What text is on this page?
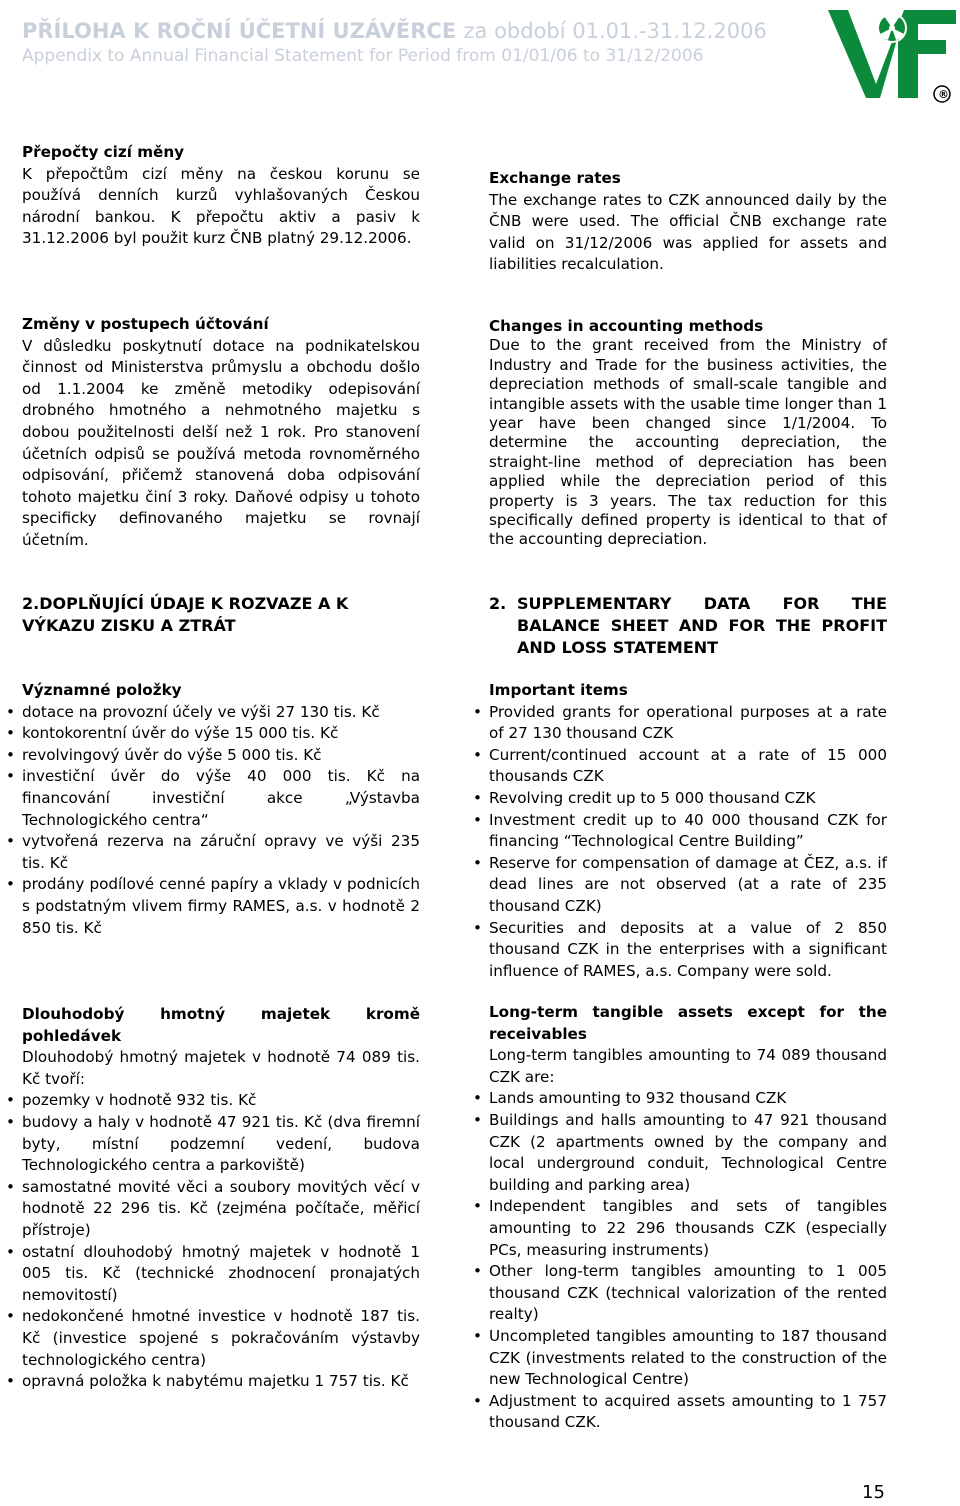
PŘÍLOHA K ROČNÍ ÚČETNÍ UZÁVĚRCE za období 01.01.-31.12.2006
Appendix to Annual Financial Statement for Period from 01/01/06 to 31/12/2006
®
Přepočty cizí měny

K přepočtům cizí měny na českou korunu se používá denních kurzů vyhlašovaných Českou národní bankou. K přepočtu aktiv a pasiv k 31.12.2006 byl použit kurz ČNB platný 29.12.2006.

Exchange rates

The exchange rates to CZK announced daily by the ČNB were used. The official ČNB exchange rate valid on 31/12/2006 was applied for assets and liabilities recalculation.

Změny v postupech účtování

V důsledku poskytnutí dotace na podnikatelskou činnost od Ministerstva průmyslu a obchodu došlo od 1.1.2004 ke změně metodiky odepisování drobného hmotného a nehmotného majetku s dobou použitelnosti delší než 1 rok. Pro stanovení účetních odpisů se používá metoda rovnoměrného odpisování, přičemž stanovená doba odpisování tohoto majetku činí 3 roky. Daňové odpisy u tohoto specificky definovaného majetku se rovnají účetním.

Changes in accounting methods

Due to the grant received from the Ministry of Industry and Trade for the business activities, the depreciation methods of small-scale tangible and intangible assets with the usable time longer than 1 year have been changed since 1/1/2004. To determine the accounting depreciation, the straight-line method of depreciation has been applied while the depreciation period of this property is 3 years. The tax reduction for this specifically defined property is identical to that of the accounting depreciation.

2.DOPLŇUJÍCÍ ÚDAJE K ROZVAZE A K VÝKAZU ZISKU A ZTRÁT
2. SUPPLEMENTARY DATA FOR THE BALANCE SHEET AND FOR THE PROFIT AND LOSS STATEMENT
Významné položky
• dotace na provozní účely ve výši 27 130 tis. Kč
• kontokorentní úvěr do výše 15 000 tis. Kč
• revolvingový úvěr do výše 5 000 tis. Kč
• investiční úvěr do výše 40 000 tis. Kč na financování investiční akce „Výstavba Technologického centra“
• vytvořená rezerva na záruční opravy ve výši 235 tis. Kč
• prodány podílové cenné papíry a vklady v podnicích s podstatným vlivem firmy RAMES, a.s. v hodnotě 2 850 tis. Kč
Important items
• Provided grants for operational purposes at a rate of 27 130 thousand CZK
• Current/continued account at a rate of 15 000 thousands CZK
• Revolving credit up to 5 000 thousand CZK
• Investment credit up to 40 000 thousand CZK for financing “Technological Centre Building”
• Reserve for compensation of damage at ČEZ, a.s. if dead lines are not observed (at a rate of 235 thousand CZK)
• Securities and deposits at a value of 2 850 thousand CZK in the enterprises with a significant influence of RAMES, a.s. Company were sold.
Dlouhodobý hmotný majetek kromě pohledávek

Dlouhodobý hmotný majetek v hodnotě 74 089 tis. Kč tvoří:

• pozemky v hodnotě 932 tis. Kč
• budovy a haly v hodnotě 47 921 tis. Kč (dva firemní byty, místní podzemní vedení, budova Technologického centra a parkoviště)
• samostatné movité věci a soubory movitých věcí v hodnotě 22 296 tis. Kč (zejména počítače, měřicí přístroje)
• ostatní dlouhodobý hmotný majetek v hodnotě 1 005 tis. Kč (technické zhodnocení pronajatých nemovitostí)
• nedokončené hmotné investice v hodnotě 187 tis. Kč (investice spojené s pokračováním výstavby technologického centra)
• opravná položka k nabytému majetku 1 757 tis. Kč
Long-term tangible assets except for the receivables

Long-term tangibles amounting to 74 089 thousand CZK are:

• Lands amounting to 932 thousand CZK
• Buildings and halls amounting to 47 921 thousand CZK (2 apartments owned by the company and local underground conduit, Technological Centre building and parking area)
• Independent tangibles and sets of tangibles amounting to 22 296 thousands CZK (especially PCs, measuring instruments)
• Other long-term tangibles amounting to 1 005 thousand CZK (technical valorization of the rented realty)
• Uncompleted tangibles amounting to 187 thousand CZK (investments related to the construction of the new Technological Centre)
• Adjustment to acquired assets amounting to 1 757 thousand CZK.
15
